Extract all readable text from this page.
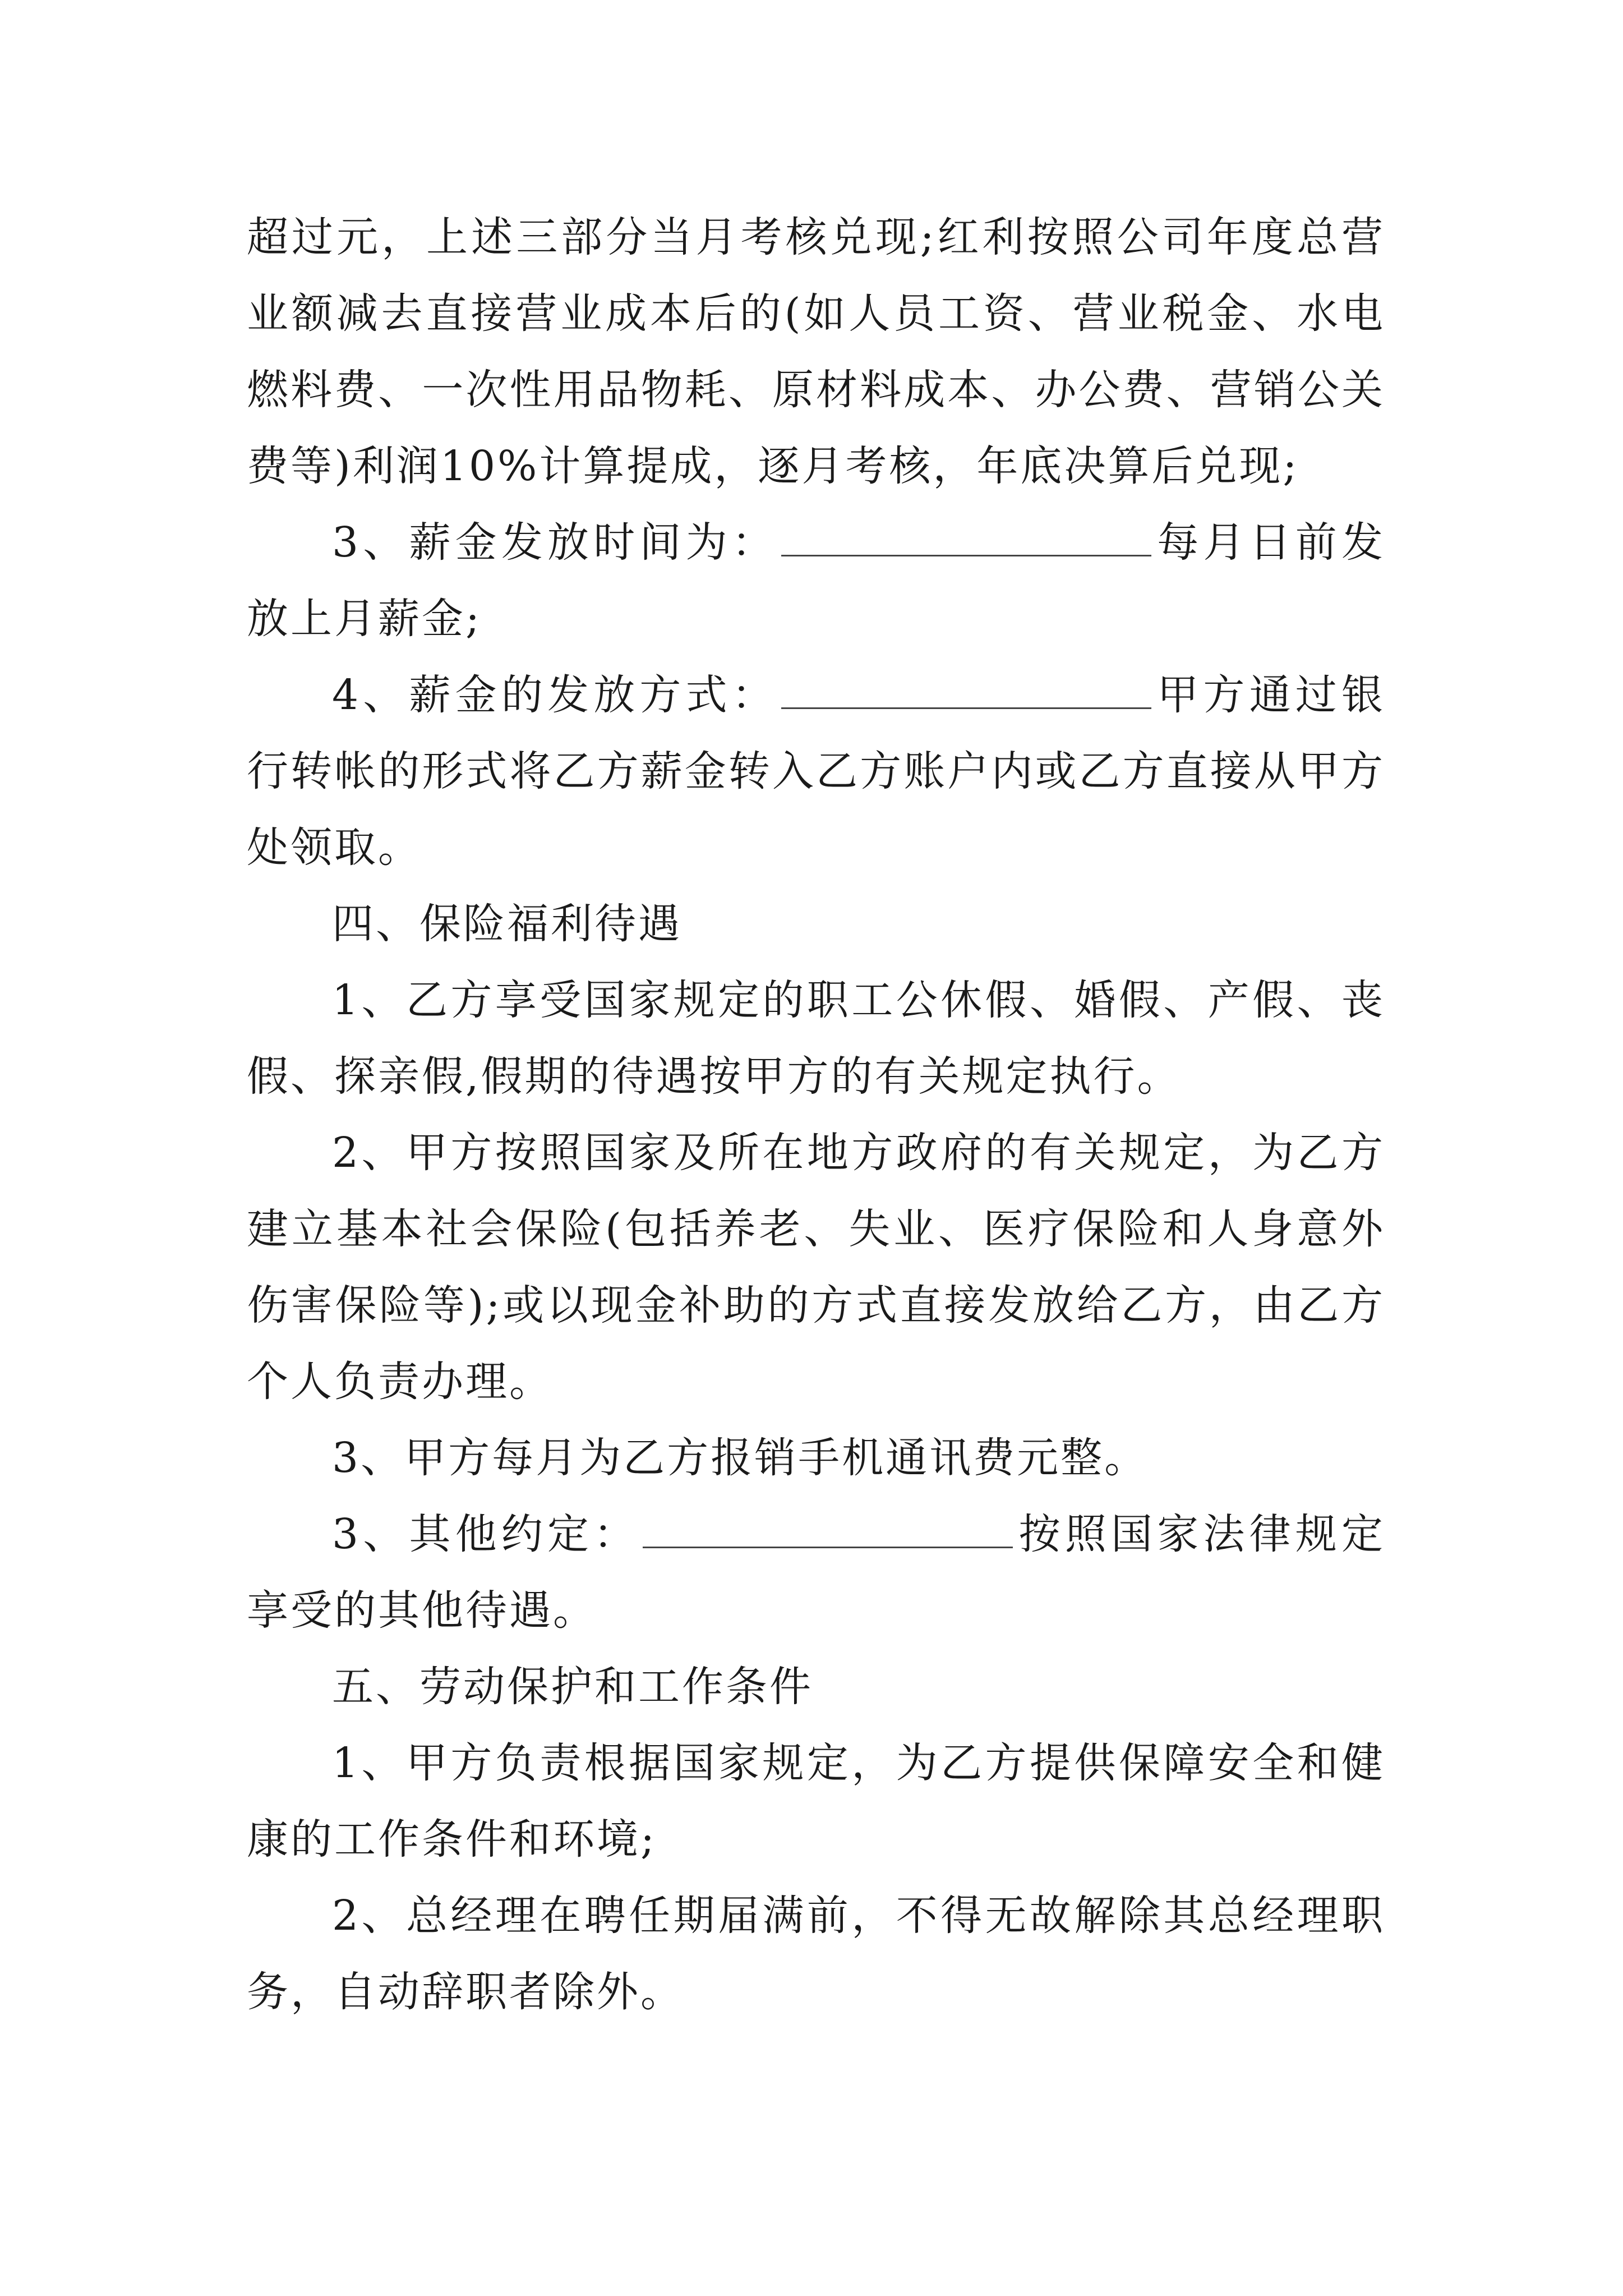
超过元，上述三部分当月考核兑现;红利按照公司年度总营业额减去直接营业成本后的(如人员工资、营业税金、水电燃料费、一次性用品物耗、原材料成本、办公费、营销公关费等)利润10%计算提成，逐月考核，年底决算后兑现;

3、薪金发放时间为：	每月日前发放上月薪金;

4、薪金的发放方式：	甲方通过银行转帐的形式将乙方薪金转入乙方账户内或乙方直接从甲方处领取。

四、保险福利待遇

1、乙方享受国家规定的职工公休假、婚假、产假、丧假、探亲假,假期的待遇按甲方的有关规定执行。

2、甲方按照国家及所在地方政府的有关规定，为乙方建立基本社会保险(包括养老、失业、医疗保险和人身意外伤害保险等);或以现金补助的方式直接发放给乙方，由乙方个人负责办理。

3、甲方每月为乙方报销手机通讯费元整。

3、其他约定：	按照国家法律规定享受的其他待遇。

五、劳动保护和工作条件

1、甲方负责根据国家规定，为乙方提供保障安全和健康的工作条件和环境;

2、总经理在聘任期届满前，不得无故解除其总经理职务，自动辞职者除外。
